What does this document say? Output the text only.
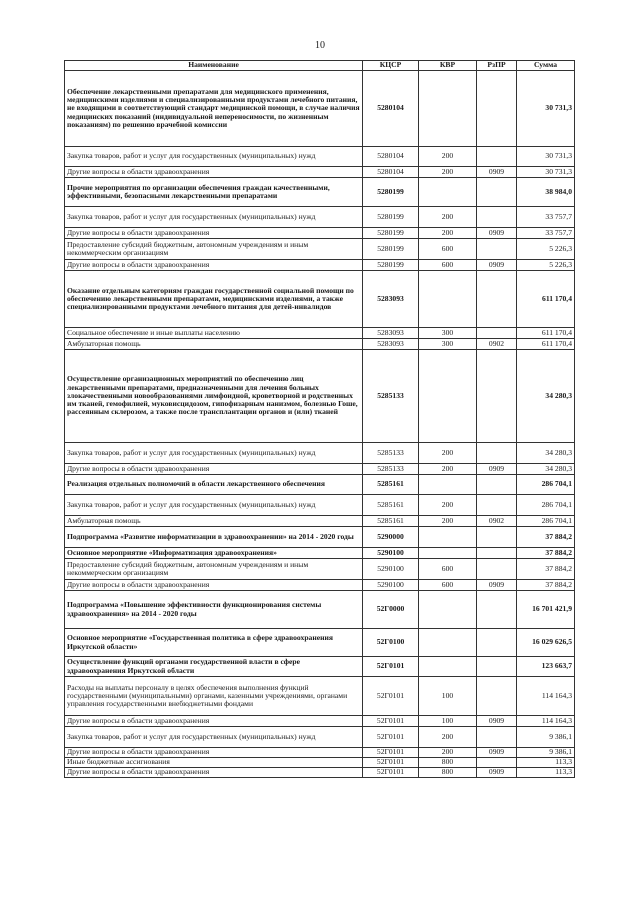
10
Наименование	КЦСР	КВР	РзПР	Сумма
Обеспечение лекарственными препаратами для медицинского применения, медицинскими изделиями и специализированными продуктами лечебного питания, не входящими в соответствующий стандарт медицинской помощи, в случае наличия медицинских показаний (индивидуальной непереносимости, по жизненным показаниям) по решению врачебной комиссии	5280104			30 731,3
Закупка товаров, работ и услуг для государственных (муниципальных) нужд	5280104	200		30 731,3
Другие вопросы в области здравоохранения	5280104	200	0909	30 731,3
Прочие мероприятия по организации обеспечения граждан качественными, эффективными, безопасными лекарственными препаратами	5280199			38 984,0
Закупка товаров, работ и услуг для государственных (муниципальных) нужд	5280199	200		33 757,7
Другие вопросы в области здравоохранения	5280199	200	0909	33 757,7
Предоставление субсидий бюджетным, автономным учреждениям и иным некоммерческим организациям	5280199	600		5 226,3
Другие вопросы в области здравоохранения	5280199	600	0909	5 226,3
Оказание отдельным категориям граждан государственной социальной помощи по обеспечению лекарственными препаратами, медицинскими изделиями, а также специализированными продуктами лечебного питания для детей-инвалидов	5283093			611 170,4
Социальное обеспечение и иные выплаты населению	5283093	300		611 170,4
Амбулаторная помощь	5283093	300	0902	611 170,4
Осуществление организационных мероприятий по обеспечению лиц лекарственными препаратами, предназначенными для лечения больных злокачественными новообразованиями лимфоидной, кроветворной и родственных им тканей, гемофилией, муковисцидозом, гипофизарным нанизмом, болезнью Гоше, рассеянным склерозом, а также после трансплантации органов и (или) тканей	5285133			34 280,3
Закупка товаров, работ и услуг для государственных (муниципальных) нужд	5285133	200		34 280,3
Другие вопросы в области здравоохранения	5285133	200	0909	34 280,3
Реализация отдельных полномочий в области лекарственного обеспечения	5285161			286 704,1
Закупка товаров, работ и услуг для государственных (муниципальных) нужд	5285161	200		286 704,1
Амбулаторная помощь	5285161	200	0902	286 704,1
Подпрограмма «Развитие информатизации в здравоохранении» на 2014 - 2020 годы	5290000			37 884,2
Основное мероприятие «Информатизация здравоохранения»	5290100			37 884,2
Предоставление субсидий бюджетным, автономным учреждениям и иным некоммерческим организациям	5290100	600		37 884,2
Другие вопросы в области здравоохранения	5290100	600	0909	37 884,2
Подпрограмма «Повышение эффективности функционирования системы здравоохранения» на 2014 - 2020 годы	52Г0000			16 701 421,9
Основное мероприятие «Государственная политика в сфере здравоохранения Иркутской области»	52Г0100			16 029 626,5
Осуществление функций органами государственной власти в сфере здравоохранения Иркутской области	52Г0101			123 663,7
Расходы на выплаты персоналу в целях обеспечения выполнения функций государственными (муниципальными) органами, казенными учреждениями, органами управления государственными внебюджетными фондами	52Г0101	100		114 164,3
Другие вопросы в области здравоохранения	52Г0101	100	0909	114 164,3
Закупка товаров, работ и услуг для государственных (муниципальных) нужд	52Г0101	200		9 386,1
Другие вопросы в области здравоохранения	52Г0101	200	0909	9 386,1
Иные бюджетные ассигнования	52Г0101	800		113,3
Другие вопросы в области здравоохранения	52Г0101	800	0909	113,3
